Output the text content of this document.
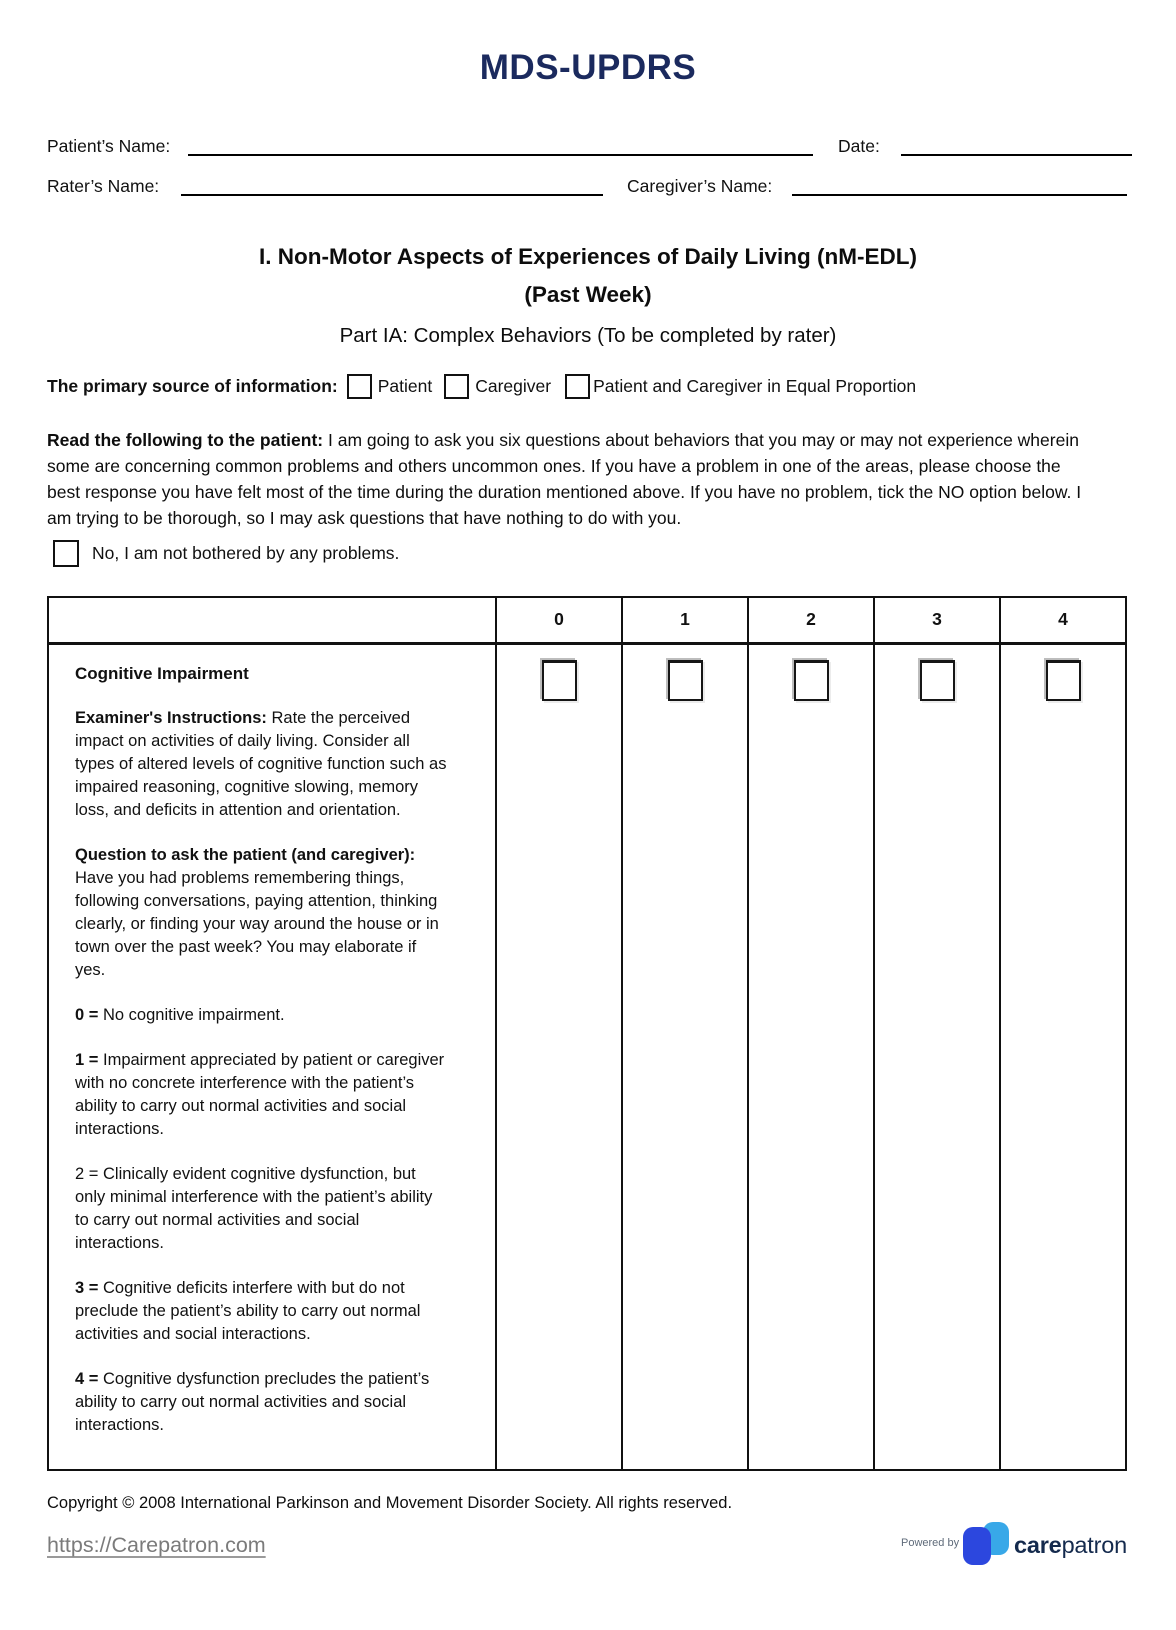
MDS-UPDRS
Patient’s Name:	Date:
Rater’s Name:	Caregiver’s Name:
I. Non-Motor Aspects of Experiences of Daily Living (nM-EDL)
(Past Week)
Part IA: Complex Behaviors (To be completed by rater)
The primary source of information: Patient Caregiver Patient and Caregiver in Equal Proportion
Read the following to the patient: I am going to ask you six questions about behaviors that you may or may not experience wherein some are concerning common problems and others uncommon ones. If you have a problem in one of the areas, please choose the best response you have felt most of the time during the duration mentioned above. If you have no problem, tick the NO option below. I am trying to be thorough, so I may ask questions that have nothing to do with you.
No, I am not bothered by any problems.
	0	1	2	3	4

Cognitive Impairment

Examiner's Instructions: Rate the perceived impact on activities of daily living. Consider all types of altered levels of cognitive function such as impaired reasoning, cognitive slowing, memory loss, and deficits in attention and orientation.

Question to ask the patient (and caregiver):
Have you had problems remembering things, following conversations, paying attention, thinking clearly, or finding your way around the house or in town over the past week? You may elaborate if yes.

0 = No cognitive impairment.

1 = Impairment appreciated by patient or caregiver with no concrete interference with the patient’s ability to carry out normal activities and social interactions.

2 = Clinically evident cognitive dysfunction, but only minimal interference with the patient’s ability to carry out normal activities and social interactions.

3 = Cognitive deficits interfere with but do not preclude the patient’s ability to carry out normal activities and social interactions.

4 = Cognitive dysfunction precludes the patient’s ability to carry out normal activities and social interactions.

Copyright © 2008 International Parkinson and Movement Disorder Society. All rights reserved.
https://Carepatron.com	Powered by carepatron
